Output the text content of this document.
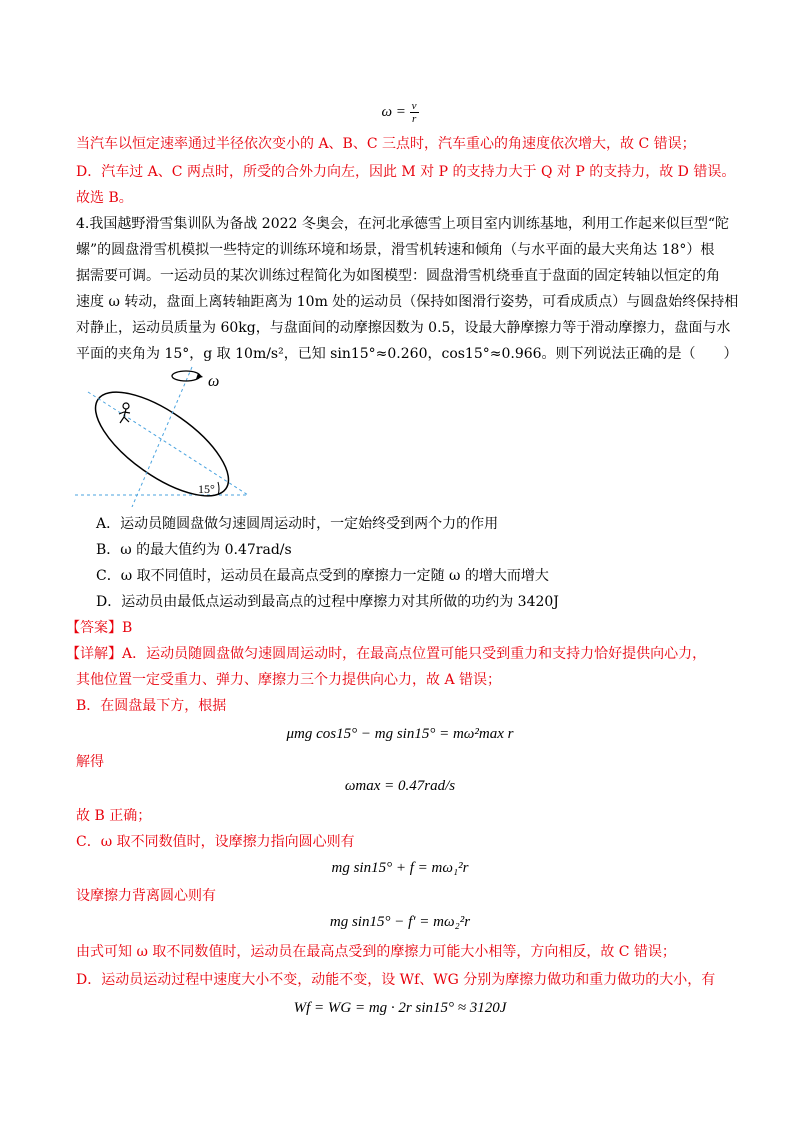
$\omega = \frac{v}{r}$
当汽车以恒定速率通过半径依次变小的 A、B、C 三点时，汽车重心的角速度依次增大，故 C 错误；
D．汽车过 A、C 两点时，所受的合外力向左，因此 M 对 P 的支持力大于 Q 对 P 的支持力，故 D 错误。
故选 B。
4.我国越野滑雪集训队为备战 2022 冬奥会，在河北承德雪上项目室内训练基地，利用工作起来似巨型“陀
螺”的圆盘滑雪机模拟一些特定的训练环境和场景，滑雪机转速和倾角（与水平面的最大夹角达 18°）根
据需要可调。一运动员的某次训练过程简化为如图模型：圆盘滑雪机绕垂直于盘面的固定转轴以恒定的角
速度 ω 转动，盘面上离转轴距离为 10m 处的运动员（保持如图滑行姿势，可看成质点）与圆盘始终保持相
对静止，运动员质量为 60kg，与盘面间的动摩擦因数为 0.5，设最大静摩擦力等于滑动摩擦力，盘面与水
平面的夹角为 15°，g 取 10m/s²，已知 sin15°≈0.260，cos15°≈0.966。则下列说法正确的是（　　）
ω
15°
A．运动员随圆盘做匀速圆周运动时，一定始终受到两个力的作用
B．ω 的最大值约为 0.47rad/s
C．ω 取不同值时，运动员在最高点受到的摩擦力一定随 ω 的增大而增大
D．运动员由最低点运动到最高点的过程中摩擦力对其所做的功约为 3420J
【答案】B
【详解】A．运动员随圆盘做匀速圆周运动时，在最高点位置可能只受到重力和支持力恰好提供向心力，
其他位置一定受重力、弹力、摩擦力三个力提供向心力，故 A 错误；
B．在圆盘最下方，根据
μmg cos15° − mg sin15° = mω²max r
解得
ωmax = 0.47rad/s
故 B 正确；
C．ω 取不同数值时，设摩擦力指向圆心则有
mg sin15° + f = mω₁²r
设摩擦力背离圆心则有
mg sin15° − f′ = mω₂²r
由式可知 ω 取不同数值时，运动员在最高点受到的摩擦力可能大小相等，方向相反，故 C 错误；
D．运动员运动过程中速度大小不变，动能不变，设 Wf、WG 分别为摩擦力做功和重力做功的大小，有
Wf = WG = mg · 2r sin15° ≈ 3120J
